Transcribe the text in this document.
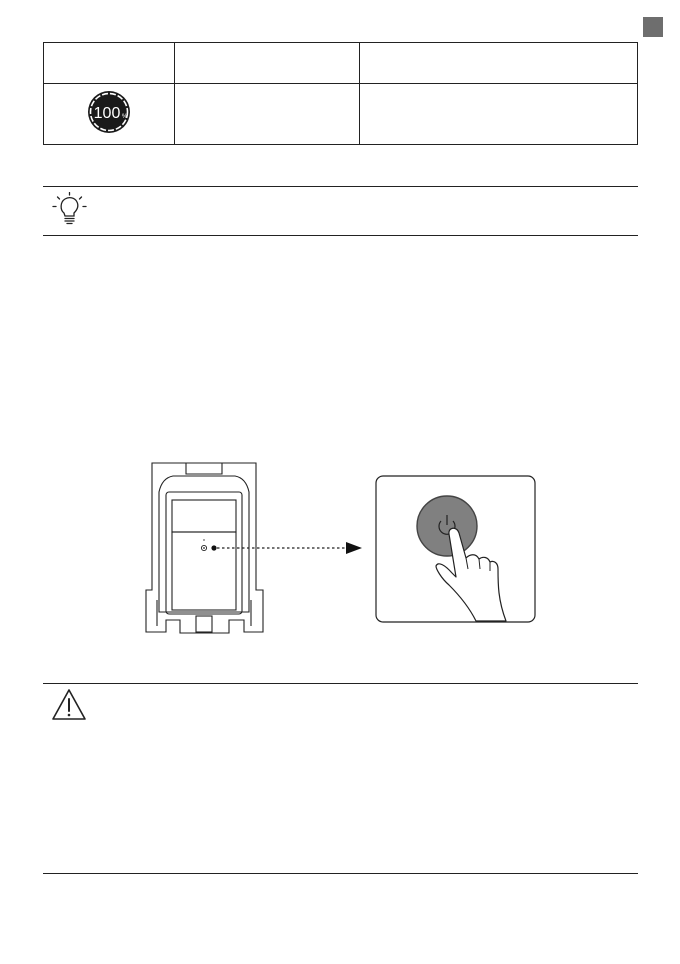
100 %		
